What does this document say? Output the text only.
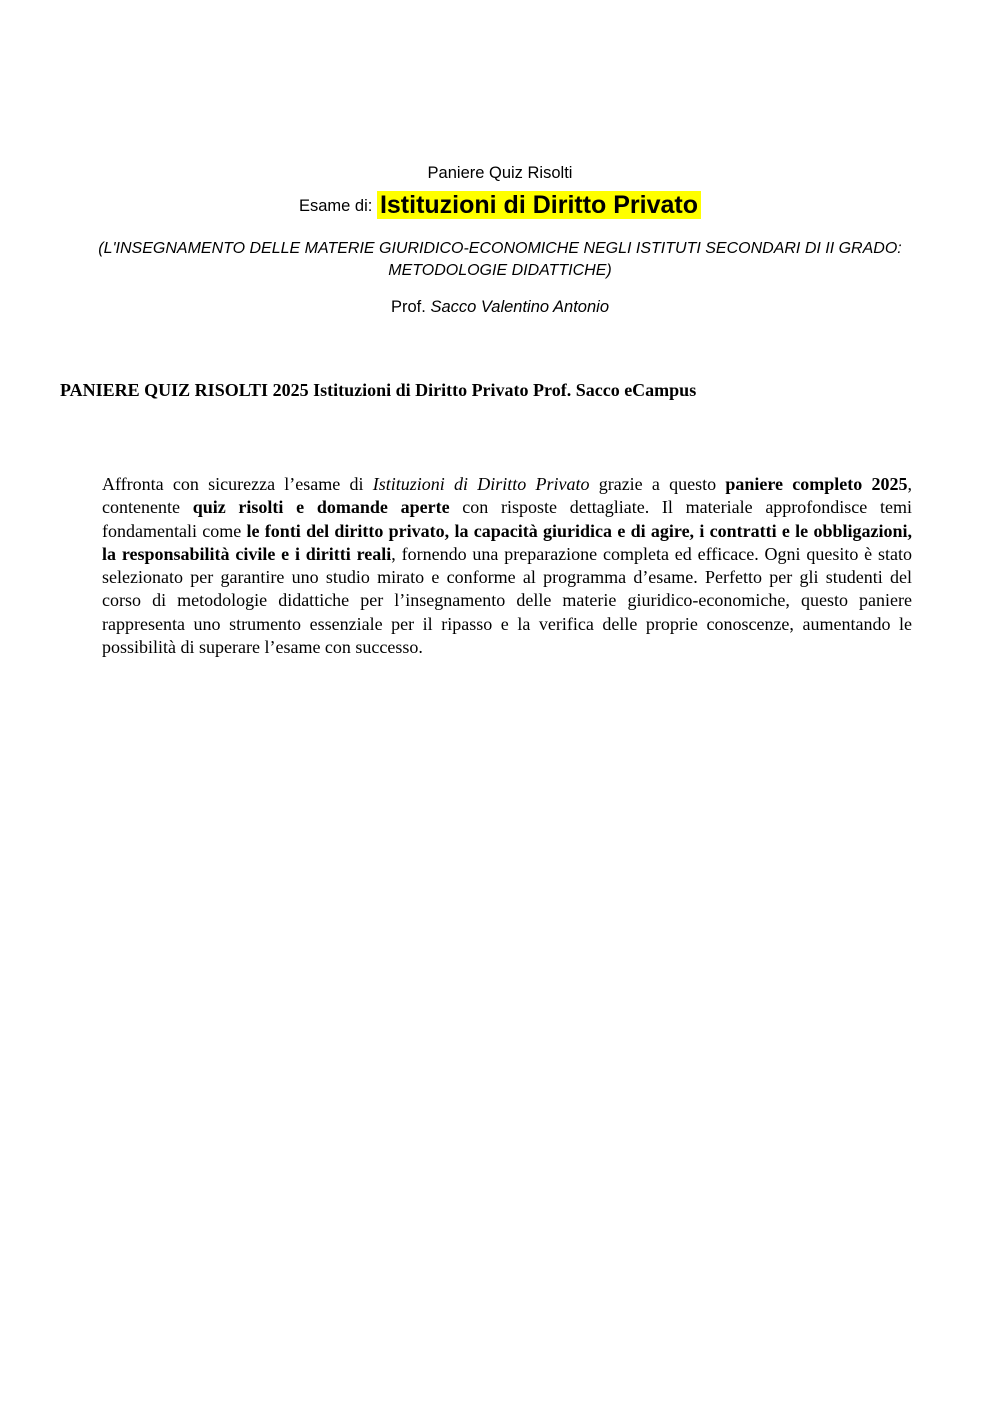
Paniere Quiz Risolti
Esame di: Istituzioni di Diritto Privato
(L'INSEGNAMENTO DELLE MATERIE GIURIDICO-ECONOMICHE NEGLI ISTITUTI SECONDARI DI II GRADO: METODOLOGIE DIDATTICHE)
Prof. Sacco Valentino Antonio
PANIERE QUIZ RISOLTI 2025 Istituzioni di Diritto Privato Prof. Sacco eCampus
Affronta con sicurezza l’esame di Istituzioni di Diritto Privato grazie a questo paniere completo 2025, contenente quiz risolti e domande aperte con risposte dettagliate. Il materiale approfondisce temi fondamentali come le fonti del diritto privato, la capacità giuridica e di agire, i contratti e le obbligazioni, la responsabilità civile e i diritti reali, fornendo una preparazione completa ed efficace. Ogni quesito è stato selezionato per garantire uno studio mirato e conforme al programma d’esame. Perfetto per gli studenti del corso di metodologie didattiche per l’insegnamento delle materie giuridico-economiche, questo paniere rappresenta uno strumento essenziale per il ripasso e la verifica delle proprie conoscenze, aumentando le possibilità di superare l’esame con successo.
